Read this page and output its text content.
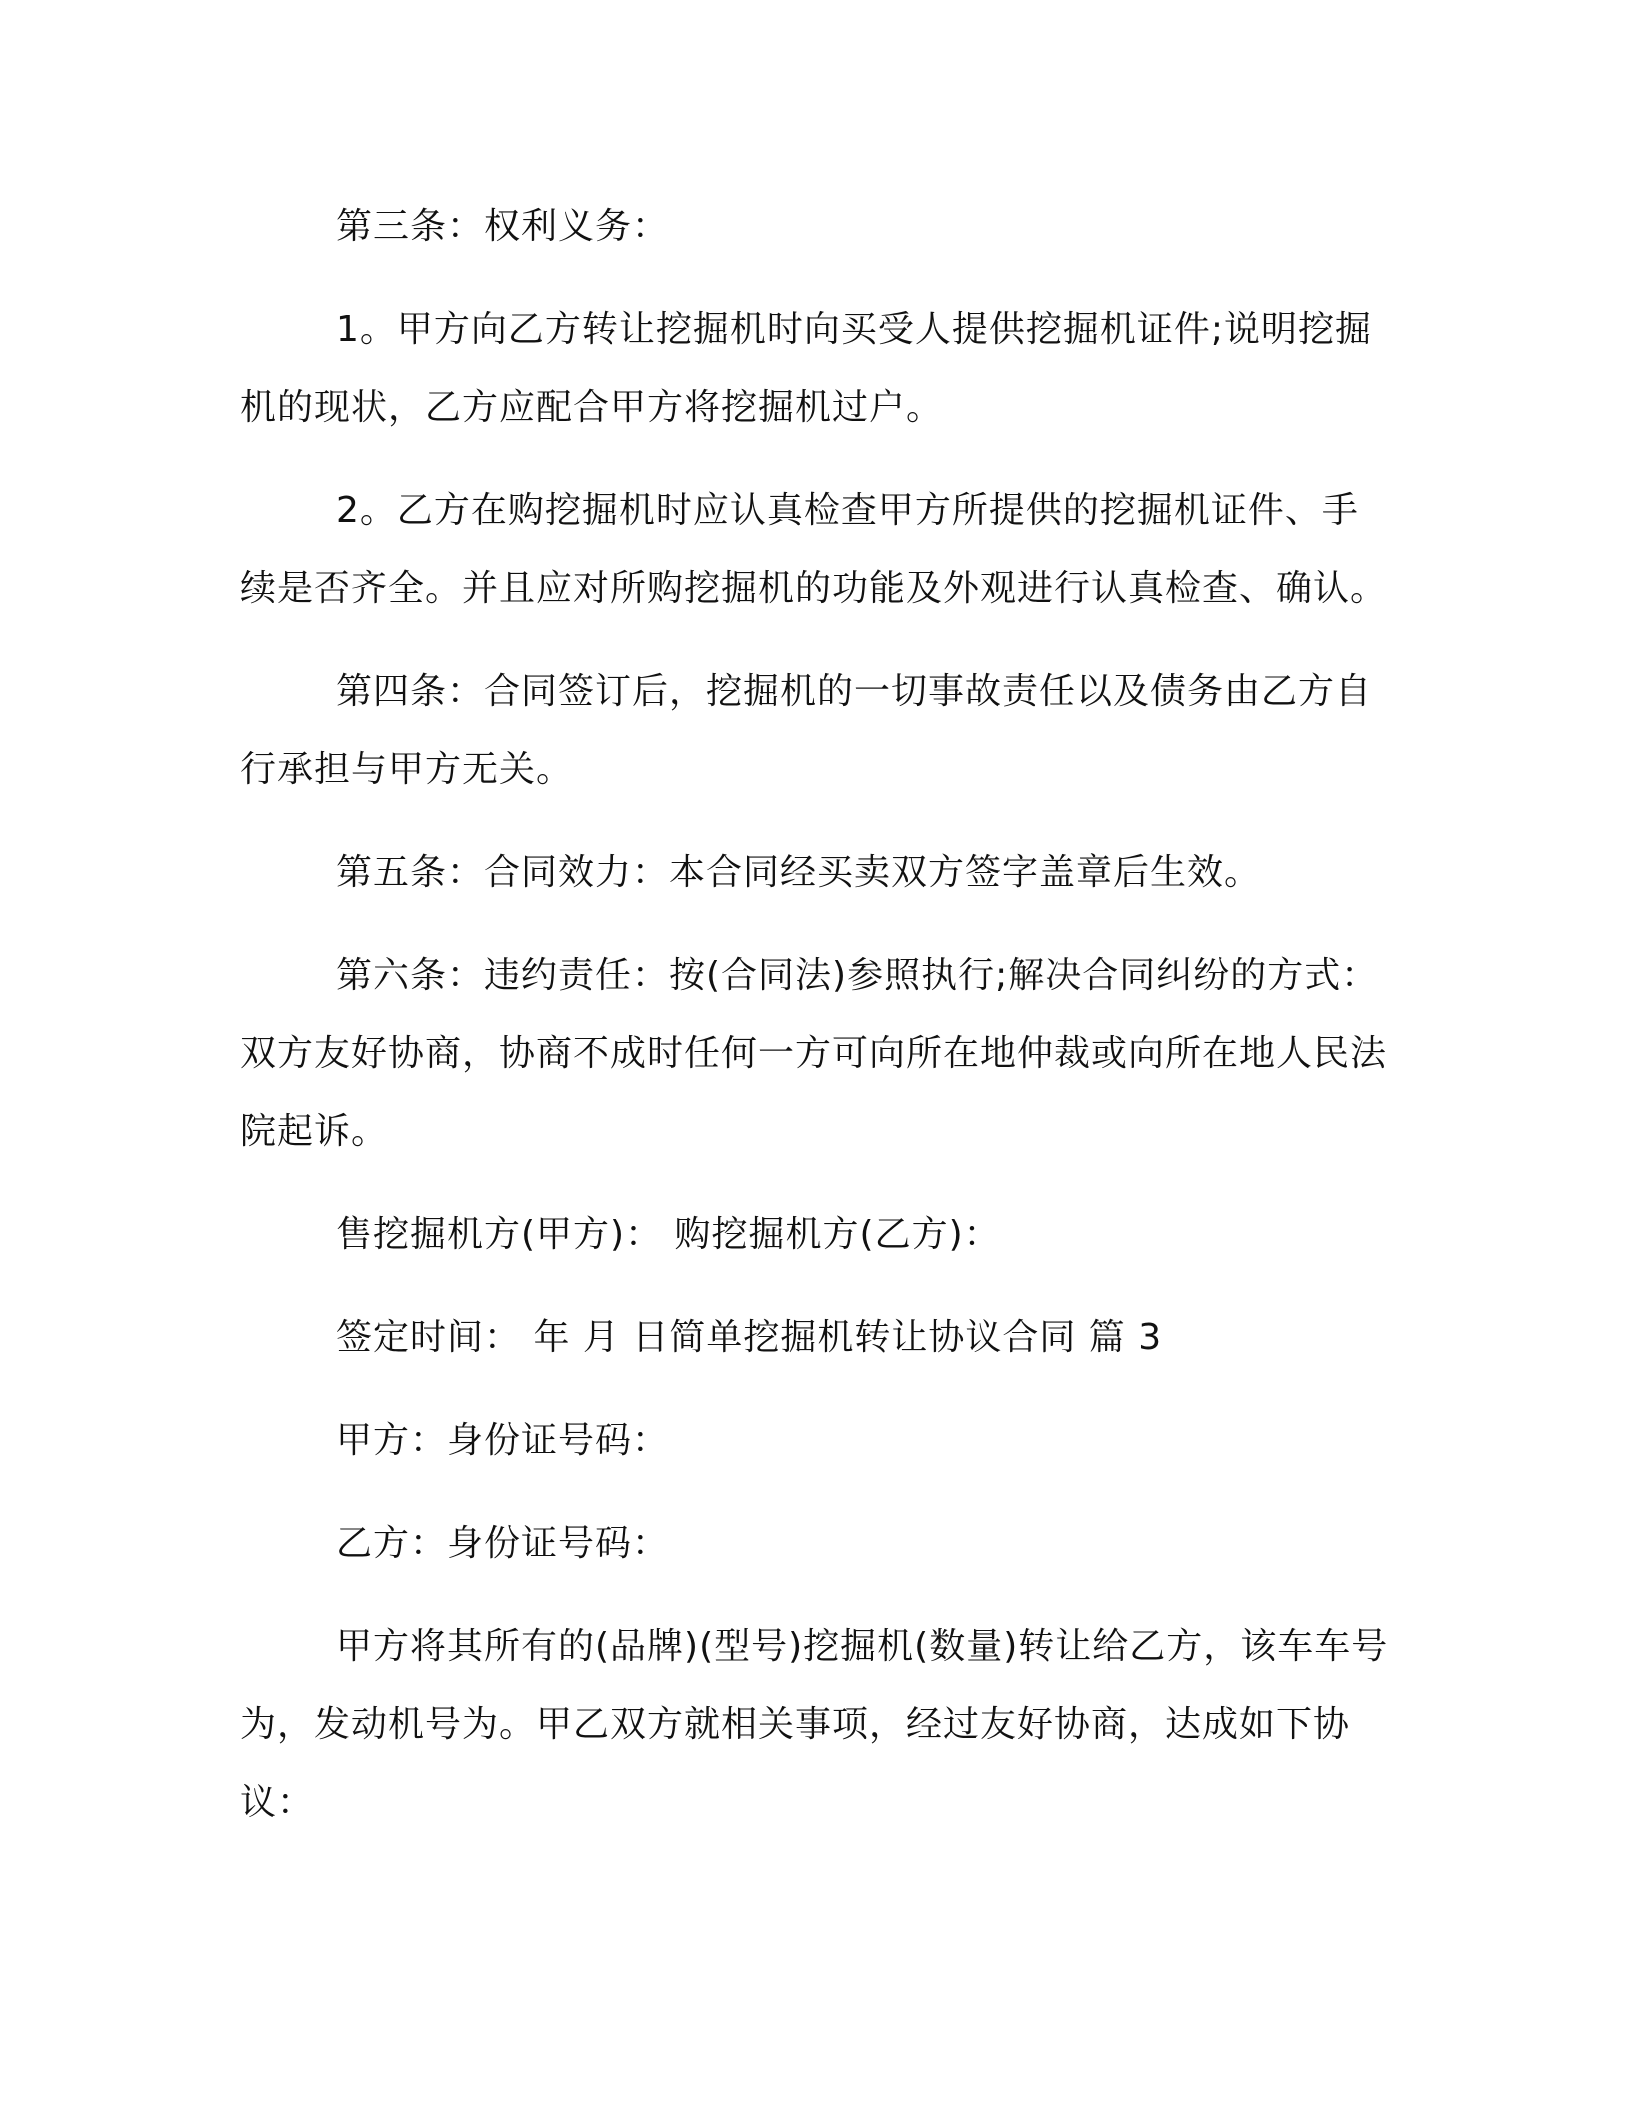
第三条：权利义务：

1。甲方向乙方转让挖掘机时向买受人提供挖掘机证件;说明挖掘机的现状，乙方应配合甲方将挖掘机过户。

2。乙方在购挖掘机时应认真检查甲方所提供的挖掘机证件、手续是否齐全。并且应对所购挖掘机的功能及外观进行认真检查、确认。

第四条：合同签订后，挖掘机的一切事故责任以及债务由乙方自行承担与甲方无关。

第五条：合同效力：本合同经买卖双方签字盖章后生效。

第六条：违约责任：按(合同法)参照执行;解决合同纠纷的方式：双方友好协商，协商不成时任何一方可向所在地仲裁或向所在地人民法院起诉。

售挖掘机方(甲方)： 购挖掘机方(乙方)：

签定时间： 年 月 日简单挖掘机转让协议合同 篇 3

甲方：身份证号码：

乙方：身份证号码：

甲方将其所有的(品牌)(型号)挖掘机(数量)转让给乙方，该车车号为，发动机号为。甲乙双方就相关事项，经过友好协商，达成如下协议：
